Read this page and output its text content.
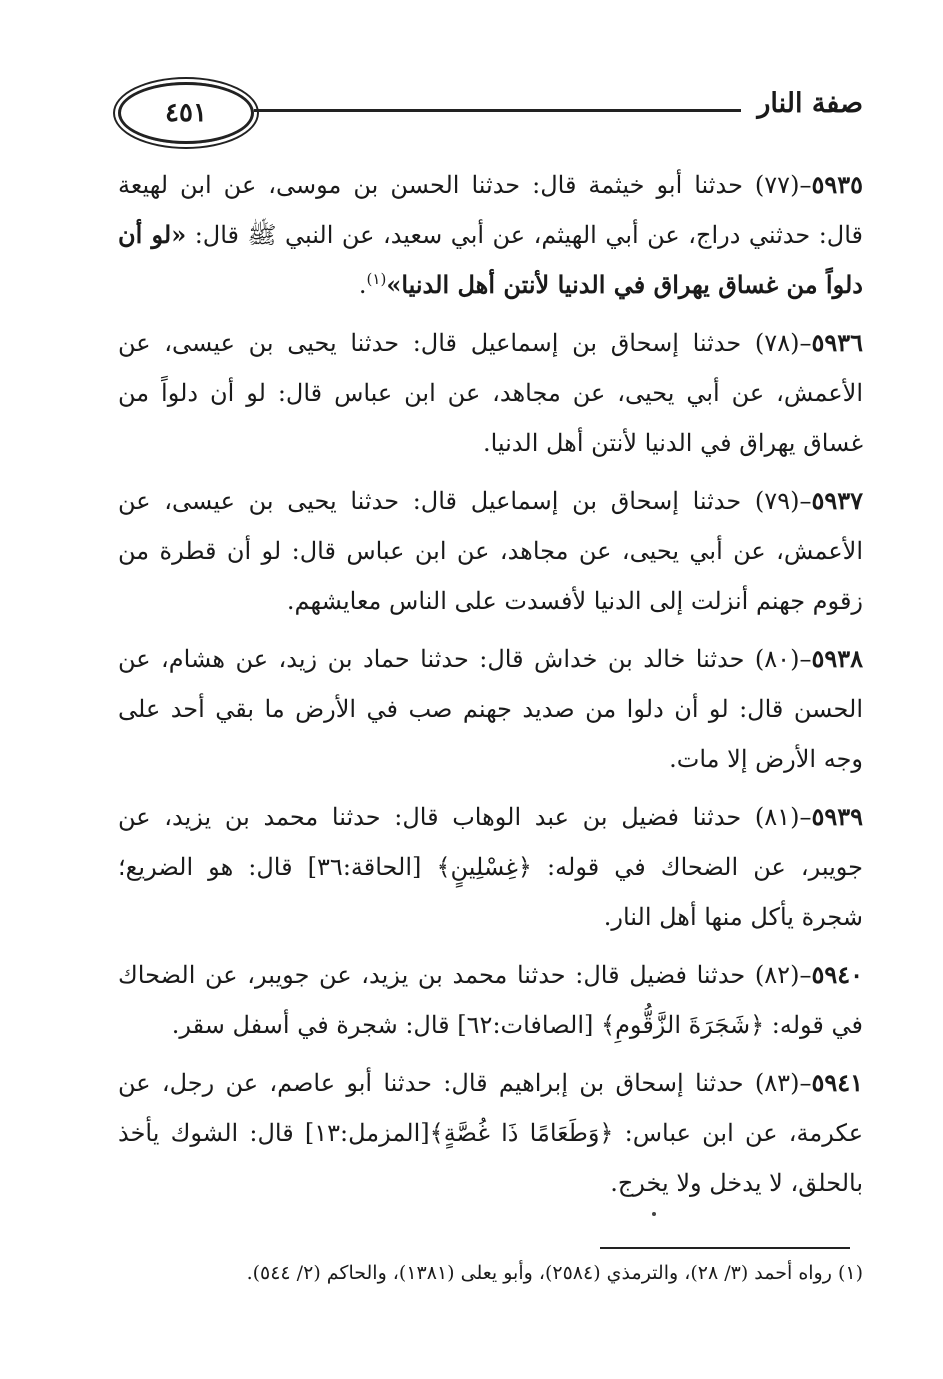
٤٥١	صفة النار

٥٩٣٥–(٧٧) حدثنا أبو خيثمة قال: حدثنا الحسن بن موسى، عن ابن لهيعة قال: حدثني دراج، عن أبي الهيثم، عن أبي سعيد، عن النبي ﷺ قال: «لو أن دلواً من غساق يهراق في الدنيا لأنتن أهل الدنيا»$^{(١)}$.

٥٩٣٦–(٧٨) حدثنا إسحاق بن إسماعيل قال: حدثنا يحيى بن عيسى، عن الأعمش، عن أبي يحيى، عن مجاهد، عن ابن عباس قال: لو أن دلواً من غساق يهراق في الدنيا لأنتن أهل الدنيا.

٥٩٣٧–(٧٩) حدثنا إسحاق بن إسماعيل قال: حدثنا يحيى بن عيسى، عن الأعمش، عن أبي يحيى، عن مجاهد، عن ابن عباس قال: لو أن قطرة من زقوم جهنم أنزلت إلى الدنيا لأفسدت على الناس معايشهم.

٥٩٣٨–(٨٠) حدثنا خالد بن خداش قال: حدثنا حماد بن زيد، عن هشام، عن الحسن قال: لو أن دلوا من صديد جهنم صب في الأرض ما بقي أحد على وجه الأرض إلا مات.

٥٩٣٩–(٨١) حدثنا فضيل بن عبد الوهاب قال: حدثنا محمد بن يزيد، عن جويبر، عن الضحاك في قوله: ﴿غِسْلِينٍ﴾ [الحاقة:٣٦] قال: هو الضريع؛ شجرة يأكل منها أهل النار.

٥٩٤٠–(٨٢) حدثنا فضيل قال: حدثنا محمد بن يزيد، عن جويبر، عن الضحاك في قوله: ﴿شَجَرَةَ الزَّقُّومِ﴾ [الصافات:٦٢] قال: شجرة في أسفل سقر.

٥٩٤١–(٨٣) حدثنا إسحاق بن إبراهيم قال: حدثنا أبو عاصم، عن رجل، عن عكرمة، عن ابن عباس: ﴿وَطَعَامًا ذَا غُصَّةٍ﴾[المزمل:١٣] قال: الشوك يأخذ بالحلق، لا يدخل ولا يخرج.

(١) رواه أحمد (٣/ ٢٨)، والترمذي (٢٥٨٤)، وأبو يعلى (١٣٨١)، والحاكم (٢/ ٥٤٤).
